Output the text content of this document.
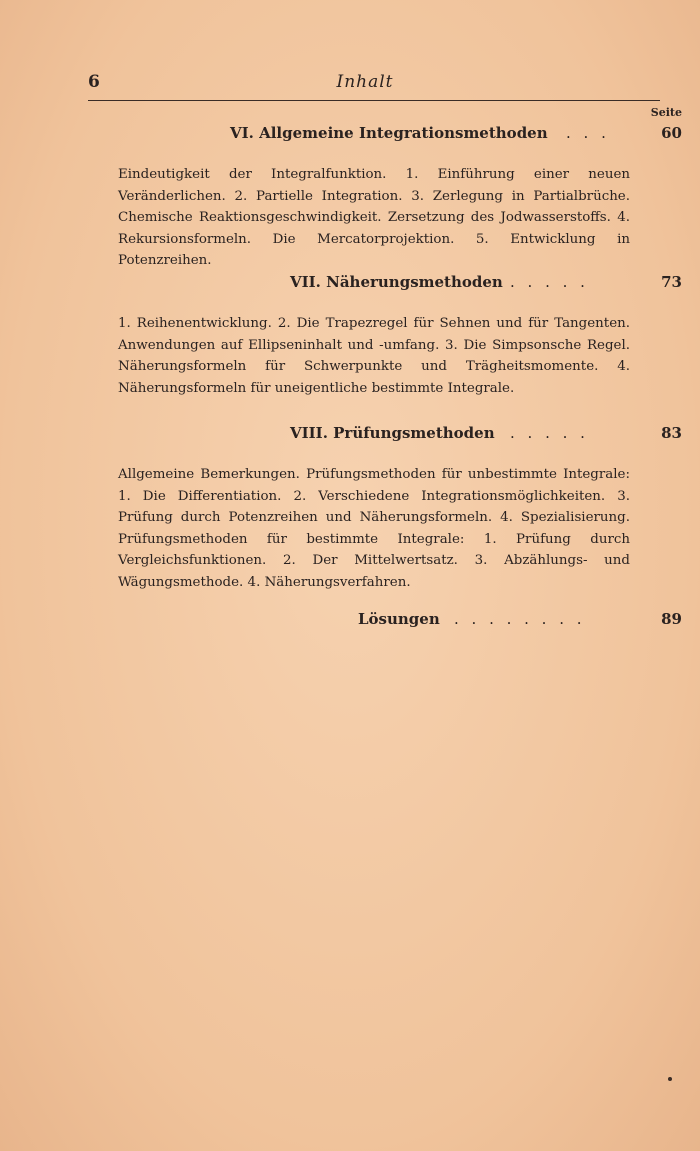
6	Inhalt
Seite
VI. Allgemeine Integrationsmethoden . . .	60
Eindeutigkeit der Integralfunktion. 1. Einführung einer neuen Veränderlichen. 2. Partielle Integration. 3. Zerlegung in Partialbrüche. Chemische Reaktionsgeschwindigkeit. Zersetzung des Jodwasserstoffs. 4. Rekursionsformeln. Die Mercatorprojektion. 5. Entwicklung in Potenzreihen.
VII. Näherungsmethoden . . . . .	73
1. Reihenentwicklung. 2. Die Trapezregel für Sehnen und für Tangenten. Anwendungen auf Ellipseninhalt und -umfang. 3. Die Simpsonsche Regel. Näherungsformeln für Schwerpunkte und Trägheitsmomente. 4. Näherungsformeln für uneigentliche bestimmte Integrale.
VIII. Prüfungsmethoden . . . . .	83
Allgemeine Bemerkungen. Prüfungsmethoden für unbestimmte Integrale: 1. Die Differentiation. 2. Verschiedene Integrationsmöglichkeiten. 3. Prüfung durch Potenzreihen und Näherungsformeln. 4. Spezialisierung. Prüfungsmethoden für bestimmte Integrale: 1. Prüfung durch Vergleichsfunktionen. 2. Der Mittelwertsatz. 3. Abzählungs- und Wägungsmethode. 4. Näherungsverfahren.
Lösungen . . . . . . . .	89
